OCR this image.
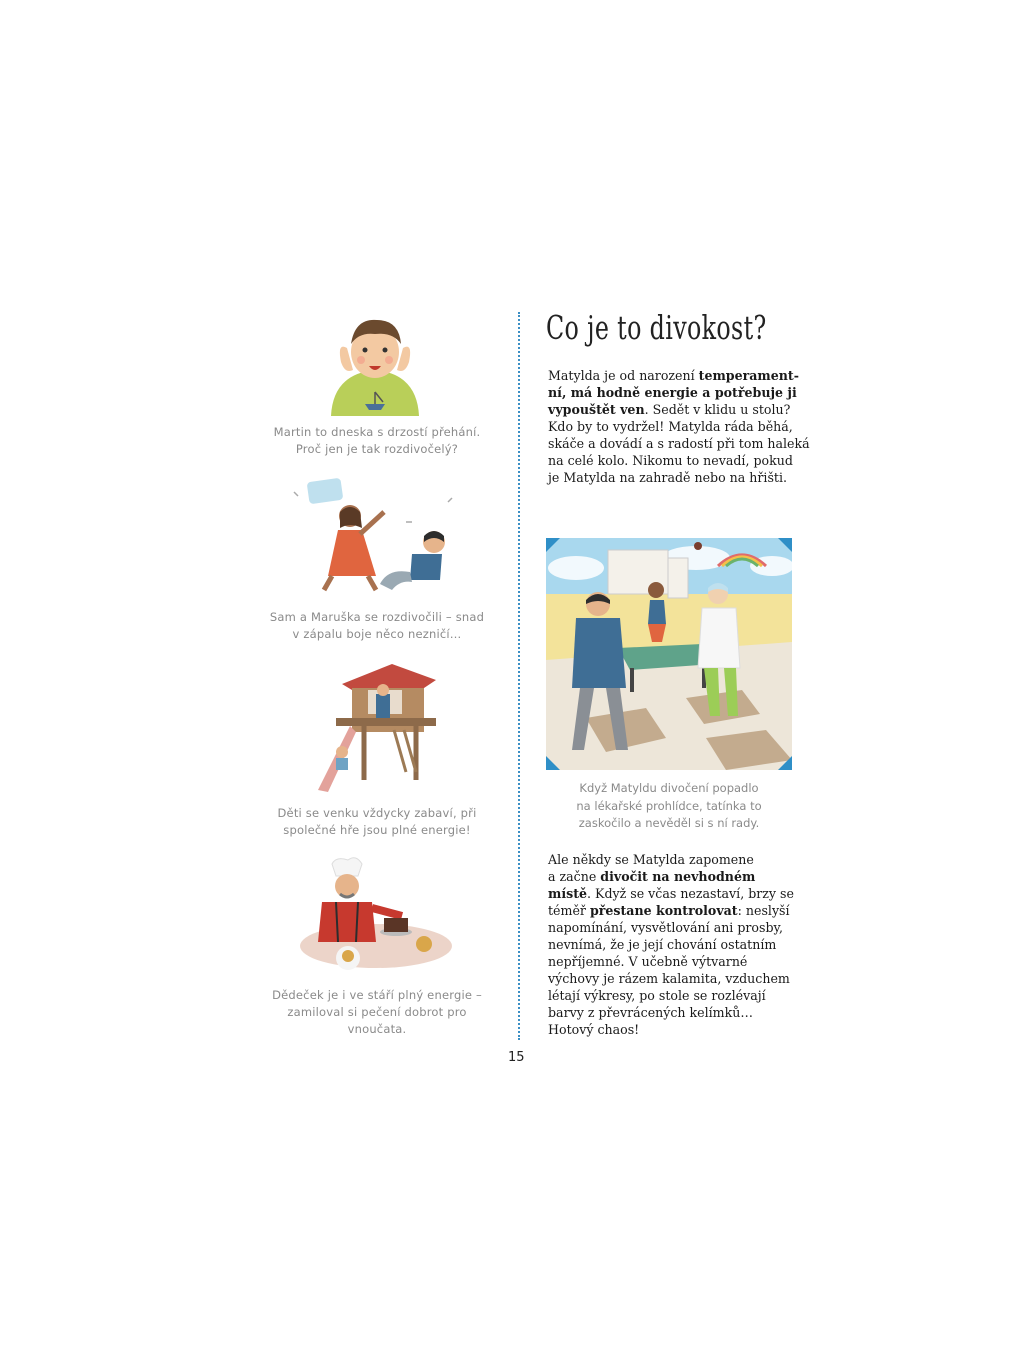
Martin to dneska s drzostí přehání.
Proč jen je tak rozdivočelý?
Sam a Maruška se rozdivočili – snad
v zápalu boje něco nezničí…
Děti se venku vždycky zabaví, při
společné hře jsou plné energie!
Dědeček je i ve stáří plný energie –
zamiloval si pečení dobrot pro
vnoučata.
Co je to divokost?
Matylda je od narození temperament-
ní, má hodně energie a potřebuje ji
vypouštět ven. Sedět v klidu u stolu?
Kdo by to vydržel! Matylda ráda běhá,
skáče a dovádí a s radostí při tom haleká
na celé kolo. Nikomu to nevadí, pokud
je Matylda na zahradě nebo na hřišti.
Když Matyldu divočení popadlo
na lékařské prohlídce, tatínka to
zaskočilo a nevěděl si s ní rady.
Ale někdy se Matylda zapomene
a začne divočit na nevhodném
místě. Když se včas nezastaví, brzy se
téměř přestane kontrolovat: neslyší
napomínání, vysvětlování ani prosby,
nevnímá, že je její chování ostatním
nepříjemné. V učebně výtvarné
výchovy je rázem kalamita, vzduchem
létají výkresy, po stole se rozlévají
barvy z převrácených kelímků…
Hotový chaos!
15
